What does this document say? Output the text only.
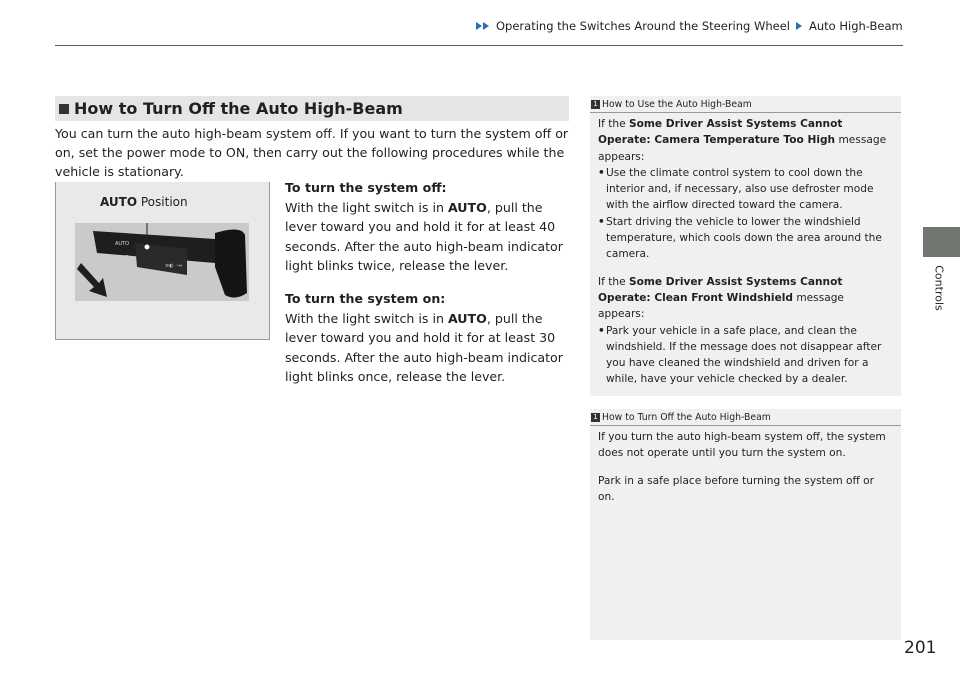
Operating the Switches Around the Steering Wheel Auto High-Beam
Controls
How to Turn Off the Auto High-Beam
You can turn the auto high-beam system off. If you want to turn the system off or on, set the power mode to ON, then carry out the following procedures while the vehicle is stationary.
AUTO Position
AUTO
≡◐ ◦⇔
≣D
To turn the system off:
With the light switch is in AUTO, pull the lever toward you and hold it for at least 40 seconds. After the auto high-beam indicator light blinks twice, release the lever.
To turn the system on:
With the light switch is in AUTO, pull the lever toward you and hold it for at least 30 seconds. After the auto high-beam indicator light blinks once, release the lever.
1 How to Use the Auto High-Beam

If the Some Driver Assist Systems Cannot Operate: Camera Temperature Too High message appears:

• Use the climate control system to cool down the interior and, if necessary, also use defroster mode with the airflow directed toward the camera.
• Start driving the vehicle to lower the windshield temperature, which cools down the area around the camera.

If the Some Driver Assist Systems Cannot Operate: Clean Front Windshield message appears:

• Park your vehicle in a safe place, and clean the windshield. If the message does not disappear after you have cleaned the windshield and driven for a while, have your vehicle checked by a dealer.
1 How to Turn Off the Auto High-Beam

If you turn the auto high-beam system off, the system does not operate until you turn the system on.

Park in a safe place before turning the system off or on.

201
